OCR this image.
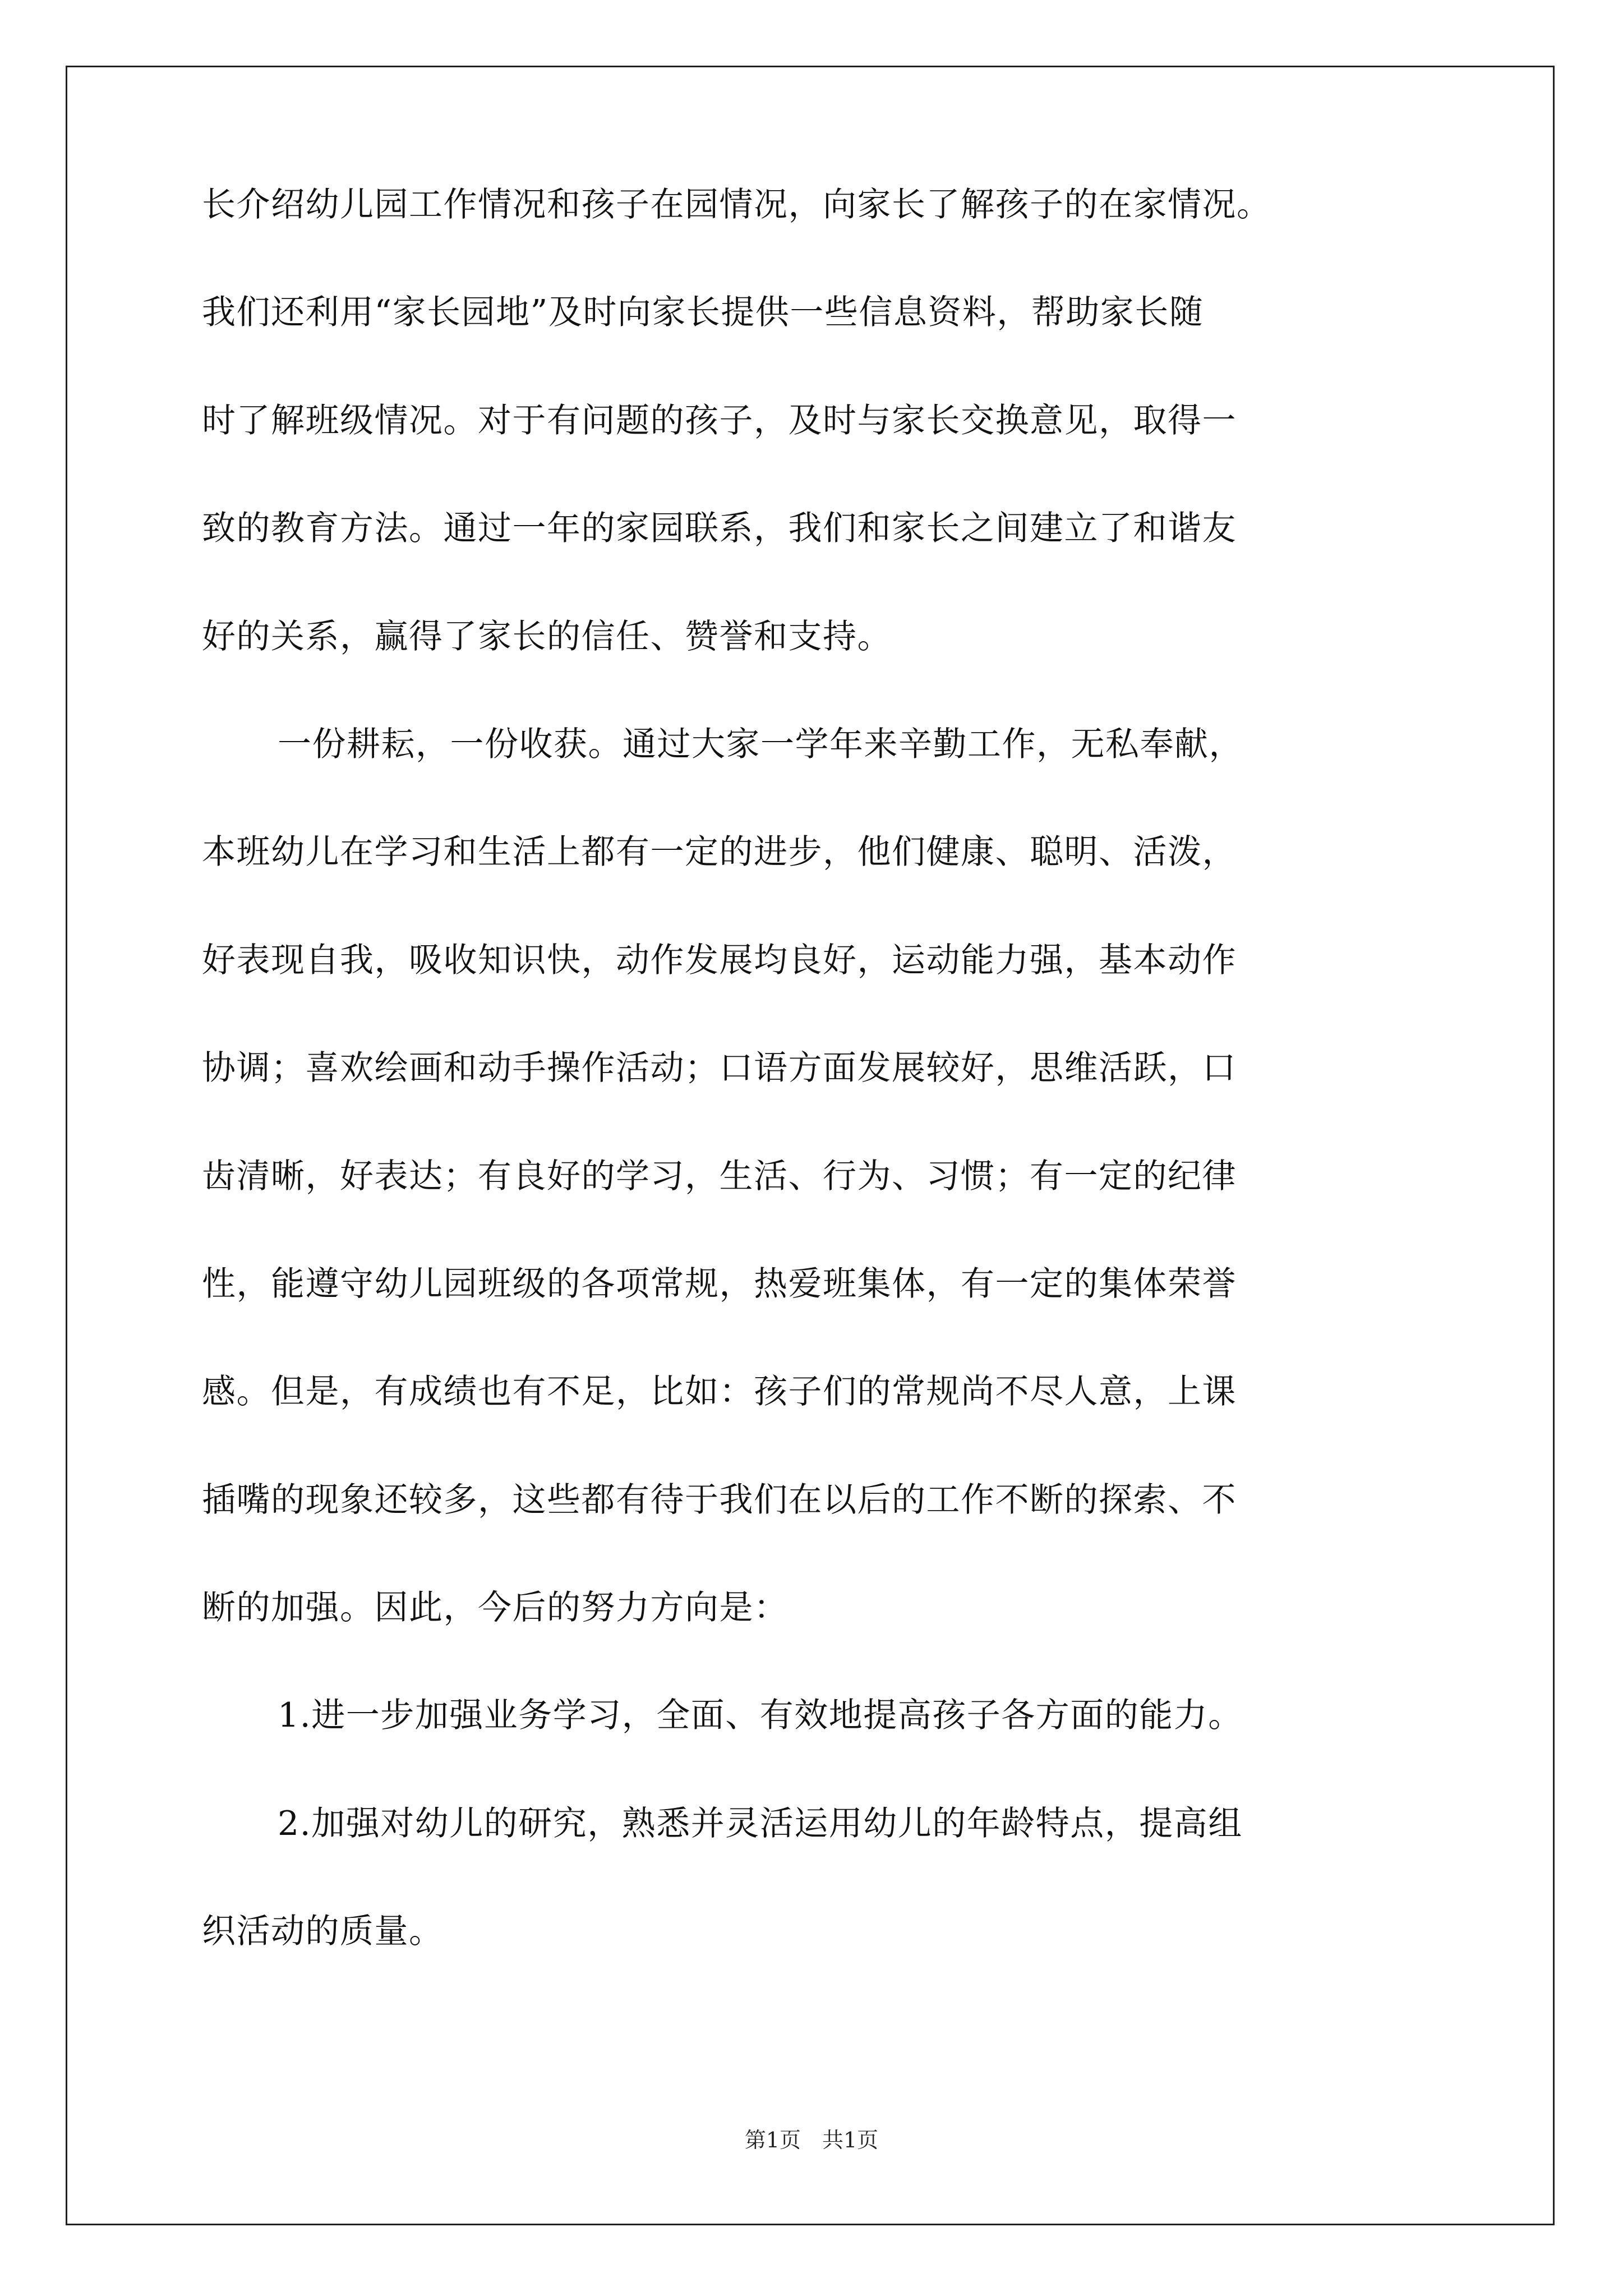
长介绍幼儿园工作情况和孩子在园情况，向家长了解孩子的在家情况。
我们还利用“家长园地”及时向家长提供一些信息资料，帮助家长随
时了解班级情况。对于有问题的孩子，及时与家长交换意见，取得一
致的教育方法。通过一年的家园联系，我们和家长之间建立了和谐友
好的关系，赢得了家长的信任、赞誉和支持。
一份耕耘，一份收获。通过大家一学年来辛勤工作，无私奉献，
本班幼儿在学习和生活上都有一定的进步，他们健康、聪明、活泼，
好表现自我，吸收知识快，动作发展均良好，运动能力强，基本动作
协调；喜欢绘画和动手操作活动；口语方面发展较好，思维活跃，口
齿清晰，好表达；有良好的学习，生活、行为、习惯；有一定的纪律
性，能遵守幼儿园班级的各项常规，热爱班集体，有一定的集体荣誉
感。但是，有成绩也有不足，比如：孩子们的常规尚不尽人意，上课
插嘴的现象还较多，这些都有待于我们在以后的工作不断的探索、不
断的加强。因此，今后的努力方向是：
1.进一步加强业务学习，全面、有效地提高孩子各方面的能力。
2.加强对幼儿的研究，熟悉并灵活运用幼儿的年龄特点，提高组
织活动的质量。
第1页　共1页
